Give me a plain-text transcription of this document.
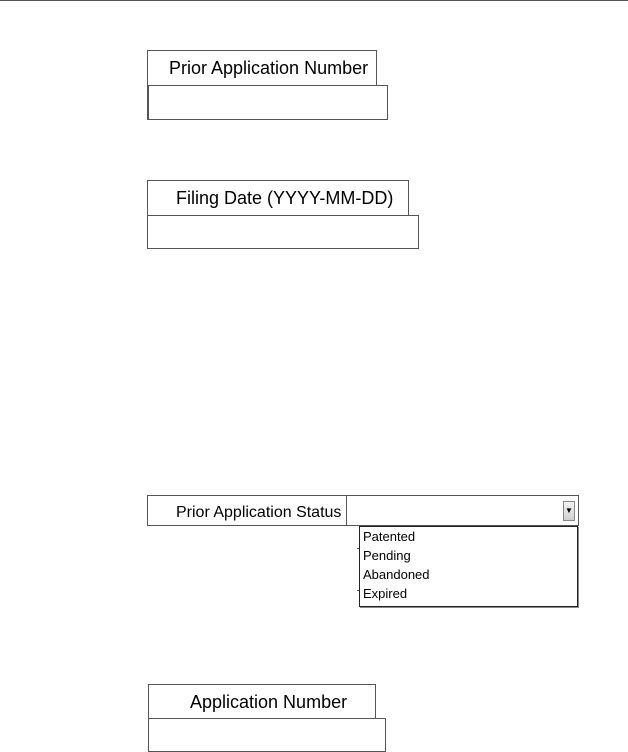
Prior Application Number
Filing Date (YYYY-MM-DD)
Prior Application Status	▼
Patented
Pending
Abandoned
Expired
Application Number
